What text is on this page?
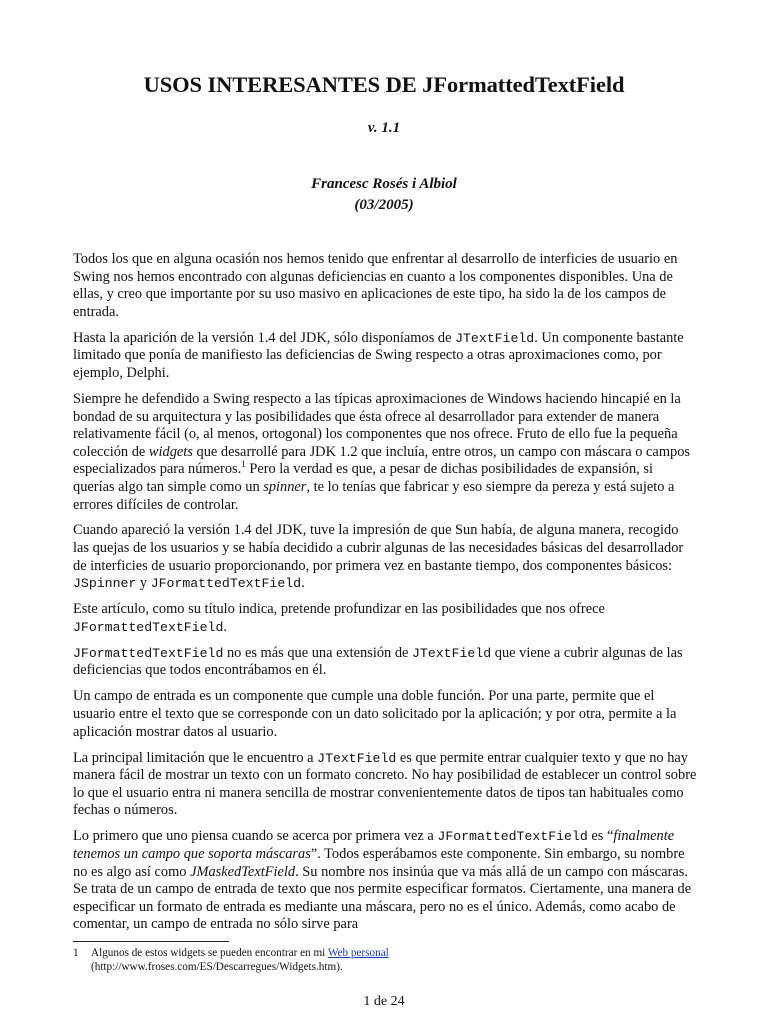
USOS INTERESANTES DE JFormattedTextField
v. 1.1
Francesc Rosés i Albiol
(03/2005)

Todos los que en alguna ocasión nos hemos tenido que enfrentar al desarrollo de interficies de usuario en Swing nos hemos encontrado con algunas deficiencias en cuanto a los componentes disponibles. Una de ellas, y creo que importante por su uso masivo en aplicaciones de este tipo, ha sido la de los campos de entrada.

Hasta la aparición de la versión 1.4 del JDK, sólo disponíamos de JTextField. Un componente bastante limitado que ponía de manifiesto las deficiencias de Swing respecto a otras aproximaciones como, por ejemplo, Delphi.

Siempre he defendido a Swing respecto a las típicas aproximaciones de Windows haciendo hincapié en la bondad de su arquitectura y las posibilidades que ésta ofrece al desarrollador para extender de manera relativamente fácil (o, al menos, ortogonal) los componentes que nos ofrece. Fruto de ello fue la pequeña colección de widgets que desarrollé para JDK 1.2 que incluía, entre otros, un campo con máscara o campos especializados para números.$^1$ Pero la verdad es que, a pesar de dichas posibilidades de expansión, si querías algo tan simple como un spinner, te lo tenías que fabricar y eso siempre da pereza y está sujeto a errores difíciles de controlar.

Cuando apareció la versión 1.4 del JDK, tuve la impresión de que Sun había, de alguna manera, recogido las quejas de los usuarios y se había decidido a cubrir algunas de las necesidades básicas del desarrollador de interficies de usuario proporcionando, por primera vez en bastante tiempo, dos componentes básicos: JSpinner y JFormattedTextField.

Este artículo, como su título indica, pretende profundizar en las posibilidades que nos ofrece JFormattedTextField.

JFormattedTextField no es más que una extensión de JTextField que viene a cubrir algunas de las deficiencias que todos encontrábamos en él.

Un campo de entrada es un componente que cumple una doble función. Por una parte, permite que el usuario entre el texto que se corresponde con un dato solicitado por la aplicación; y por otra, permite a la aplicación mostrar datos al usuario.

La principal limitación que le encuentro a JTextField es que permite entrar cualquier texto y que no hay manera fácil de mostrar un texto con un formato concreto. No hay posibilidad de establecer un control sobre lo que el usuario entra ni manera sencilla de mostrar convenientemente datos de tipos tan habituales como fechas o números.

Lo primero que uno piensa cuando se acerca por primera vez a JFormattedTextField es “finalmente tenemos un campo que soporta máscaras”. Todos esperábamos este componente. Sin embargo, su nombre no es algo así como JMaskedTextField. Su nombre nos insinúa que va más allá de un campo con máscaras. Se trata de un campo de entrada de texto que nos permite especificar formatos. Ciertamente, una manera de especificar un formato de entrada es mediante una máscara, pero no es el único. Además, como acabo de comentar, un campo de entrada no sólo sirve para

1 Algunos de estos widgets se pueden encontrar en mi Web personal
(http://www.froses.com/ES/Descarregues/Widgets.htm).
1 de 24
